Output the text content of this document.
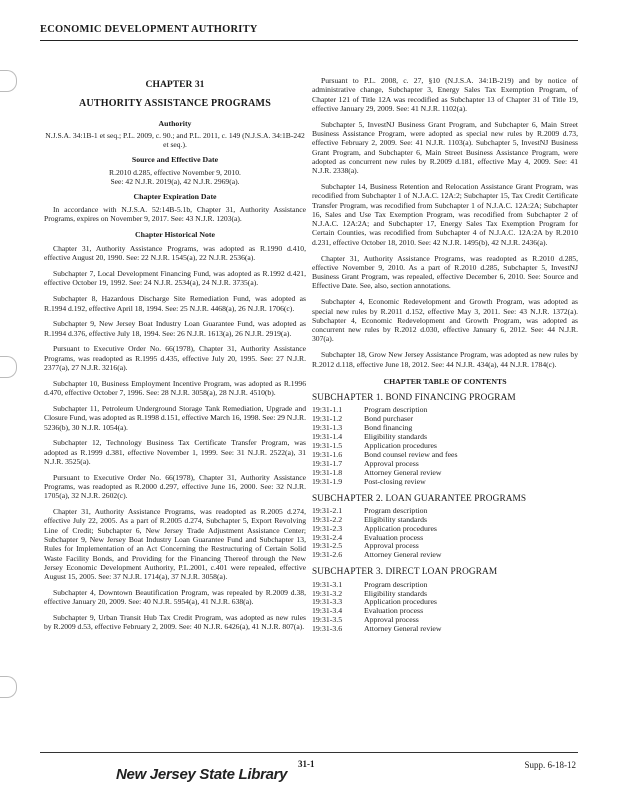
ECONOMIC DEVELOPMENT AUTHORITY
CHAPTER 31
AUTHORITY ASSISTANCE PROGRAMS
Authority
N.J.S.A. 34:1B-1 et seq.; P.L. 2009, c. 90.; and P.L. 2011, c. 149 (N.J.S.A. 34:1B-242 et seq.).
Source and Effective Date
R.2010 d.285, effective November 9, 2010.
See: 42 N.J.R. 2019(a), 42 N.J.R. 2969(a).
Chapter Expiration Date

In accordance with N.J.S.A. 52:14B-5.1b, Chapter 31, Authority Assistance Programs, expires on November 9, 2017. See: 43 N.J.R. 1203(a).

Chapter Historical Note

Chapter 31, Authority Assistance Programs, was adopted as R.1990 d.410, effective August 20, 1990. See: 22 N.J.R. 1545(a), 22 N.J.R. 2536(a).

Subchapter 7, Local Development Financing Fund, was adopted as R.1992 d.421, effective October 19, 1992. See: 24 N.J.R. 2534(a), 24 N.J.R. 3735(a).

Subchapter 8, Hazardous Discharge Site Remediation Fund, was adopted as R.1994 d.192, effective April 18, 1994. See: 25 N.J.R. 4468(a), 26 N.J.R. 1706(c).

Subchapter 9, New Jersey Boat Industry Loan Guarantee Fund, was adopted as R.1994 d.376, effective July 18, 1994. See: 26 N.J.R. 1613(a), 26 N.J.R. 2919(a).

Pursuant to Executive Order No. 66(1978), Chapter 31, Authority Assistance Programs, was readopted as R.1995 d.435, effective July 20, 1995. See: 27 N.J.R. 2377(a), 27 N.J.R. 3216(a).

Subchapter 10, Business Employment Incentive Program, was adopted as R.1996 d.470, effective October 7, 1996. See: 28 N.J.R. 3058(a), 28 N.J.R. 4510(b).

Subchapter 11, Petroleum Underground Storage Tank Remediation, Upgrade and Closure Fund, was adopted as R.1998 d.151, effective March 16, 1998. See: 29 N.J.R. 5236(b), 30 N.J.R. 1054(a).

Subchapter 12, Technology Business Tax Certificate Transfer Program, was adopted as R.1999 d.381, effective November 1, 1999. See: 31 N.J.R. 2522(a), 31 N.J.R. 3525(a).

Pursuant to Executive Order No. 66(1978), Chapter 31, Authority Assistance Programs, was readopted as R.2000 d.297, effective June 16, 2000. See: 32 N.J.R. 1705(a), 32 N.J.R. 2602(c).

Chapter 31, Authority Assistance Programs, was readopted as R.2005 d.274, effective July 22, 2005. As a part of R.2005 d.274, Subchapter 5, Export Revolving Line of Credit; Subchapter 6, New Jersey Trade Adjustment Assistance Center; Subchapter 9, New Jersey Boat Industry Loan Guarantee Fund and Subchapter 13, Rules for Implementation of an Act Concerning the Restructuring of Certain Solid Waste Facility Bonds, and Providing for the Financing Thereof through the New Jersey Economic Development Authority, P.L.2001, c.401 were repealed, effective August 15, 2005. See: 37 N.J.R. 1714(a), 37 N.J.R. 3058(a).

Subchapter 4, Downtown Beautification Program, was repealed by R.2009 d.38, effective January 20, 2009. See: 40 N.J.R. 5954(a), 41 N.J.R. 638(a).

Subchapter 9, Urban Transit Hub Tax Credit Program, was adopted as new rules by R.2009 d.53, effective February 2, 2009. See: 40 N.J.R. 6426(a), 41 N.J.R. 807(a).

Pursuant to P.L. 2008, c. 27, §10 (N.J.S.A. 34:1B-219) and by notice of administrative change, Subchapter 3, Energy Sales Tax Exemption Program, of Chapter 121 of Title 12A was recodified as Subchapter 13 of Chapter 31 of Title 19, effective January 29, 2009. See: 41 N.J.R. 1102(a).

Subchapter 5, InvestNJ Business Grant Program, and Subchapter 6, Main Street Business Assistance Program, were adopted as special new rules by R.2009 d.73, effective February 2, 2009. See: 41 N.J.R. 1103(a). Subchapter 5, InvestNJ Business Grant Program, and Subchapter 6, Main Street Business Assistance Program, were adopted as concurrent new rules by R.2009 d.181, effective May 4, 2009. See: 41 N.J.R. 2338(a).

Subchapter 14, Business Retention and Relocation Assistance Grant Program, was recodified from Subchapter 1 of N.J.A.C. 12A:2; Subchapter 15, Tax Credit Certificate Transfer Program, was recodified from Subchapter 1 of N.J.A.C. 12A:2A; Subchapter 16, Sales and Use Tax Exemption Program, was recodified from Subchapter 2 of N.J.A.C. 12A:2A; and Subchapter 17, Energy Sales Tax Exemption Program for Certain Counties, was recodified from Subchapter 4 of N.J.A.C. 12A:2A by R.2010 d.231, effective October 18, 2010. See: 42 N.J.R. 1495(b), 42 N.J.R. 2436(a).

Chapter 31, Authority Assistance Programs, was readopted as R.2010 d.285, effective November 9, 2010. As a part of R.2010 d.285, Subchapter 5, InvestNJ Business Grant Program, was repealed, effective December 6, 2010. See: Source and Effective Date. See, also, section annotations.

Subchapter 4, Economic Redevelopment and Growth Program, was adopted as special new rules by R.2011 d.152, effective May 3, 2011. See: 43 N.J.R. 1372(a). Subchapter 4, Economic Redevelopment and Growth Program, was adopted as concurrent new rules by R.2012 d.030, effective January 6, 2012. See: 44 N.J.R. 307(a).

Subchapter 18, Grow New Jersey Assistance Program, was adopted as new rules by R.2012 d.118, effective June 18, 2012. See: 44 N.J.R. 434(a), 44 N.J.R. 1784(c).

CHAPTER TABLE OF CONTENTS
SUBCHAPTER 1. BOND FINANCING PROGRAM
19:31-1.1	Program description
19:31-1.2	Bond purchaser
19:31-1.3	Bond financing
19:31-1.4	Eligibility standards
19:31-1.5	Application procedures
19:31-1.6	Bond counsel review and fees
19:31-1.7	Approval process
19:31-1.8	Attorney General review
19:31-1.9	Post-closing review
SUBCHAPTER 2. LOAN GUARANTEE PROGRAMS
19:31-2.1	Program description
19:31-2.2	Eligibility standards
19:31-2.3	Application procedures
19:31-2.4	Evaluation process
19:31-2.5	Approval process
19:31-2.6	Attorney General review
SUBCHAPTER 3. DIRECT LOAN PROGRAM
19:31-3.1	Program description
19:31-3.2	Eligibility standards
19:31-3.3	Application procedures
19:31-3.4	Evaluation process
19:31-3.5	Approval process
19:31-3.6	Attorney General review
New Jersey State Library
31-1	Supp. 6-18-12
